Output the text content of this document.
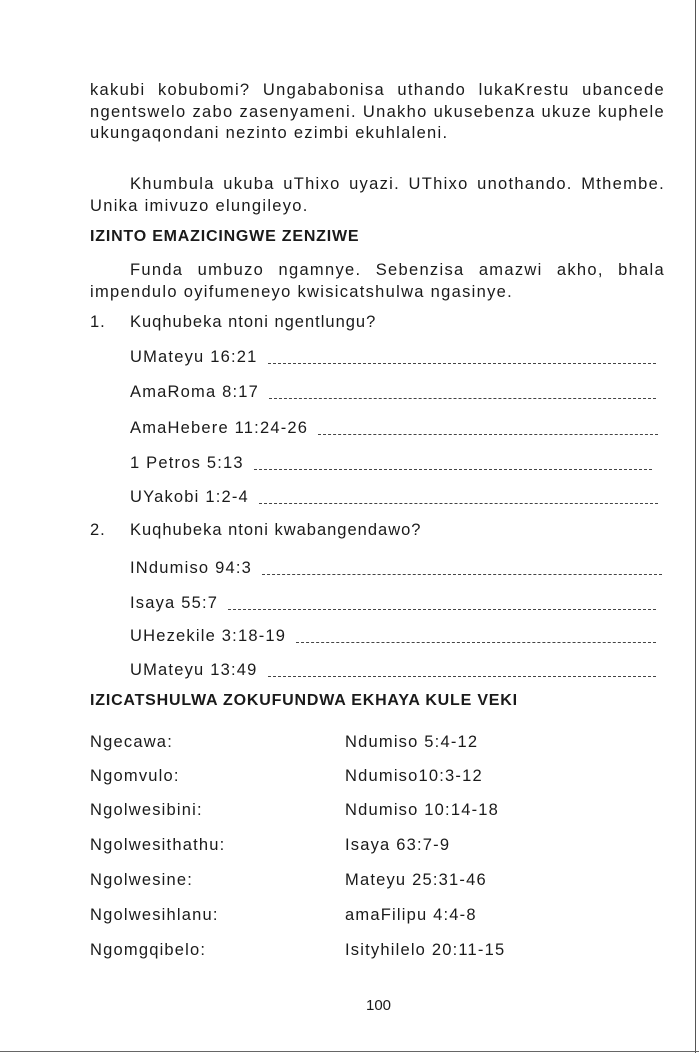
kakubi kobubomi? Ungababonisa uthando lukaKrestu ubancede ngentswelo zabo zasenyameni. Unakho ukusebenza ukuze kuphele ukungaqondani nezinto ezimbi ekuhlaleni.

Khumbula ukuba uThixo uyazi. UThixo unothando. Mthembe. Unika imivuzo elungileyo.

IZINTO EMAZICINGWE ZENZIWE

Funda umbuzo ngamnye. Sebenzisa amazwi akho, bhala impendulo oyifumeneyo kwisicatshulwa ngasinye.

1. Kuqhubeka ntoni ngentlungu?
UMateyu 16:21
AmaRoma 8:17
AmaHebere 11:24-26
1 Petros 5:13
UYakobi 1:2-4
2. Kuqhubeka ntoni kwabangendawo?
INdumiso 94:3
Isaya 55:7
UHezekile 3:18-19
UMateyu 13:49
IZICATSHULWA ZOKUFUNDWA EKHAYA KULE VEKI
Ngecawa:	Ndumiso 5:4-12
Ngomvulo:	Ndumiso10:3-12
Ngolwesibini:	Ndumiso 10:14-18
Ngolwesithathu:	Isaya 63:7-9
Ngolwesine:	Mateyu 25:31-46
Ngolwesihlanu:	amaFilipu 4:4-8
Ngomgqibelo:	Isityhilelo 20:11-15
100
